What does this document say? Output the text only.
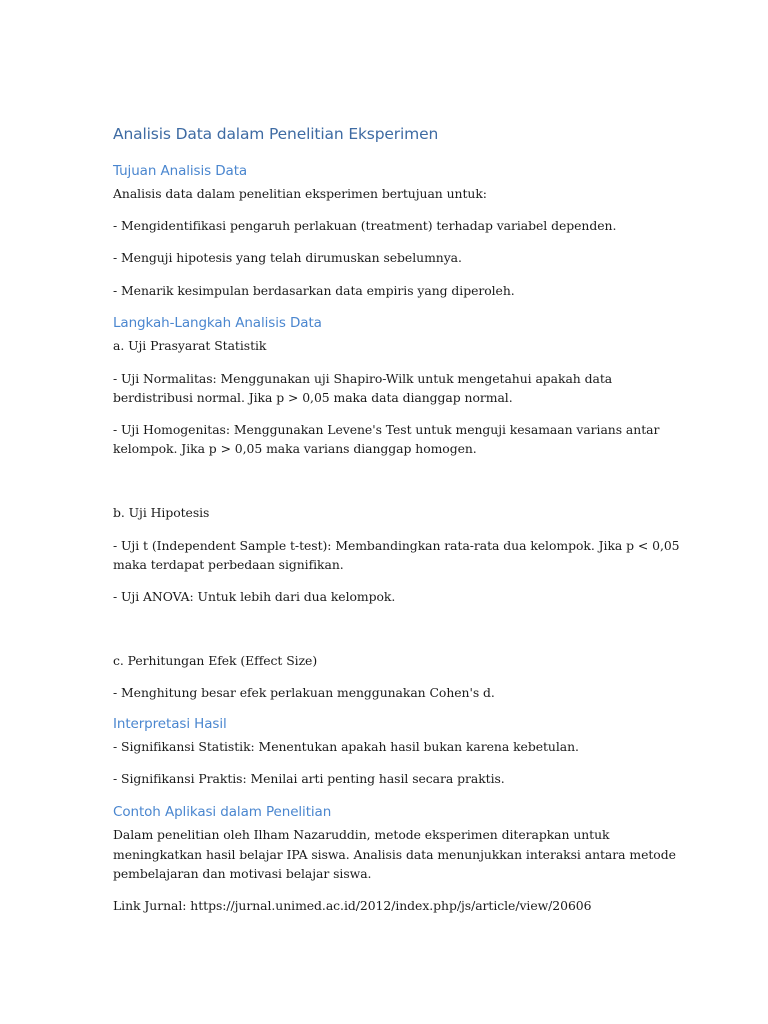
Analisis Data dalam Penelitian Eksperimen
Tujuan Analisis Data

Analisis data dalam penelitian eksperimen bertujuan untuk:

- Mengidentifikasi pengaruh perlakuan (treatment) terhadap variabel dependen.

- Menguji hipotesis yang telah dirumuskan sebelumnya.

- Menarik kesimpulan berdasarkan data empiris yang diperoleh.

Langkah-Langkah Analisis Data

a. Uji Prasyarat Statistik

- Uji Normalitas: Menggunakan uji Shapiro-Wilk untuk mengetahui apakah data

berdistribusi normal. Jika p > 0,05 maka data dianggap normal.

- Uji Homogenitas: Menggunakan Levene's Test untuk menguji kesamaan varians antar

kelompok. Jika p > 0,05 maka varians dianggap homogen.

b. Uji Hipotesis

- Uji t (Independent Sample t-test): Membandingkan rata-rata dua kelompok. Jika p < 0,05

maka terdapat perbedaan signifikan.

- Uji ANOVA: Untuk lebih dari dua kelompok.

c. Perhitungan Efek (Effect Size)

- Menghitung besar efek perlakuan menggunakan Cohen's d.

Interpretasi Hasil

- Signifikansi Statistik: Menentukan apakah hasil bukan karena kebetulan.

- Signifikansi Praktis: Menilai arti penting hasil secara praktis.

Contoh Aplikasi dalam Penelitian

Dalam penelitian oleh Ilham Nazaruddin, metode eksperimen diterapkan untuk

meningkatkan hasil belajar IPA siswa. Analisis data menunjukkan interaksi antara metode

pembelajaran dan motivasi belajar siswa.

Link Jurnal: https://jurnal.unimed.ac.id/2012/index.php/js/article/view/20606
